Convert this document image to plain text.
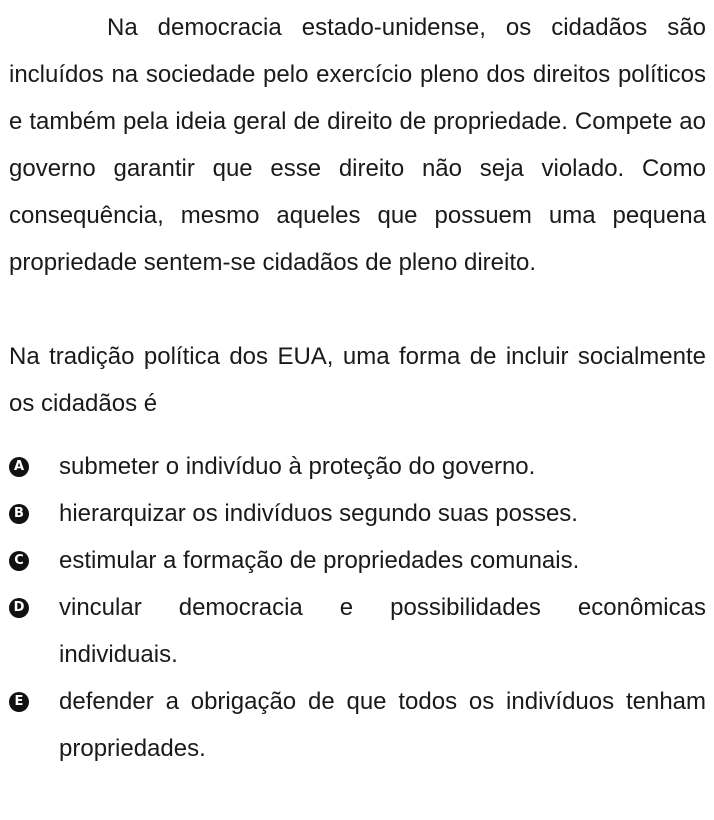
Na democracia estado-unidense, os cidadãos são incluídos na sociedade pelo exercício pleno dos direitos políticos e também pela ideia geral de direito de propriedade. Compete ao governo garantir que esse direito não seja violado. Como consequência, mesmo aqueles que possuem uma pequena propriedade sentem-se cidadãos de pleno direito.

Na tradição política dos EUA, uma forma de incluir socialmente os cidadãos é

A submeter o indivíduo à proteção do governo.
B hierarquizar os indivíduos segundo suas posses.
C estimular a formação de propriedades comunais.
D vincular democracia e possibilidades econômicas individuais.
E defender a obrigação de que todos os indivíduos tenham propriedades.
